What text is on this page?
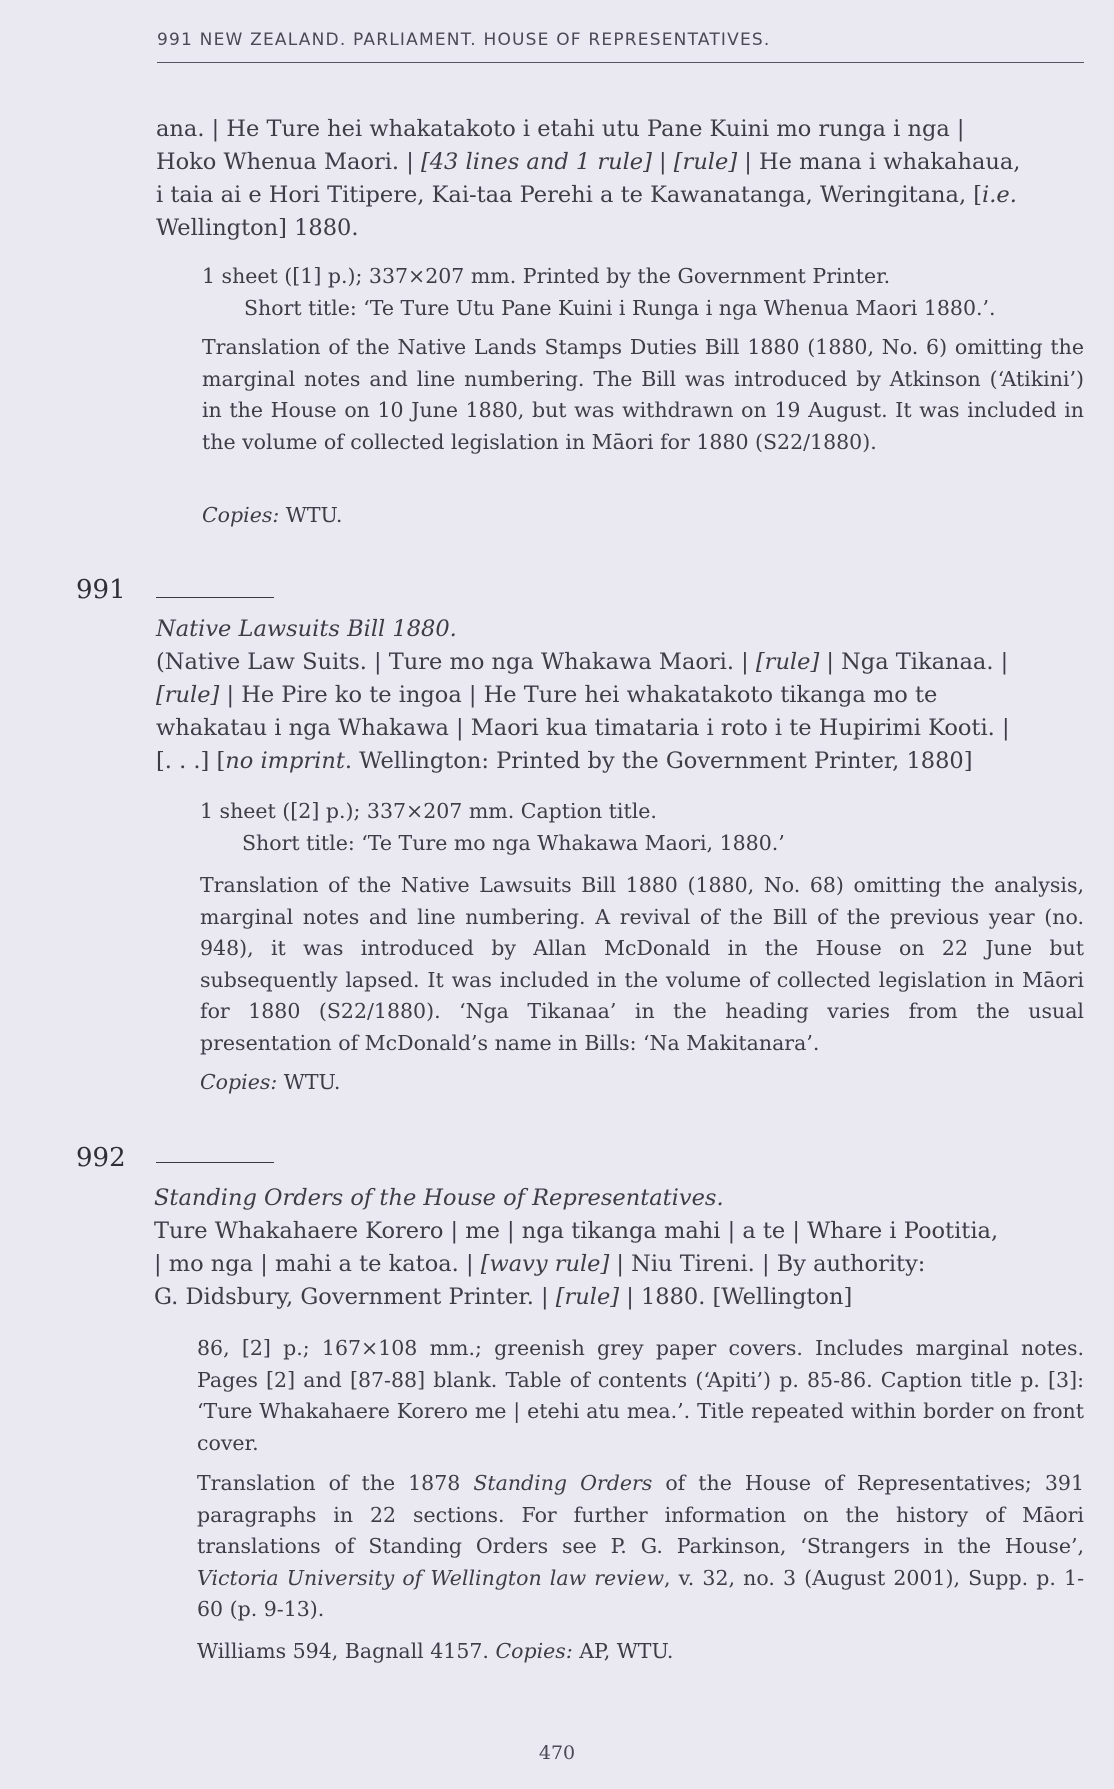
991 NEW ZEALAND. PARLIAMENT. HOUSE OF REPRESENTATIVES.

ana. | He Ture hei whakatakoto i etahi utu Pane Kuini mo runga i nga |

Hoko Whenua Maori. | [43 lines and 1 rule] | [rule] | He mana i whakahaua,

i taia ai e Hori Titipere, Kai-taa Perehi a te Kawanatanga, Weringitana, [i.e.

Wellington] 1880.

1 sheet ([1] p.); 337×207 mm. Printed by the Government Printer.

Short title: ‘Te Ture Utu Pane Kuini i Runga i nga Whenua Maori 1880.’.

Translation of the Native Lands Stamps Duties Bill 1880 (1880, No. 6) omitting the marginal notes and line numbering. The Bill was introduced by Atkinson (‘Atikini’) in the House on 10 June 1880, but was withdrawn on 19 August. It was included in the volume of collected legislation in Māori for 1880 (S22/1880).

Copies: WTU.

991

Native Lawsuits Bill 1880.

(Native Law Suits. | Ture mo nga Whakawa Maori. | [rule] | Nga Tikanaa. |

[rule] | He Pire ko te ingoa | He Ture hei whakatakoto tikanga mo te

whakatau i nga Whakawa | Maori kua timataria i roto i te Hupirimi Kooti. |

[. . .] [no imprint. Wellington: Printed by the Government Printer, 1880]

1 sheet ([2] p.); 337×207 mm. Caption title.

Short title: ‘Te Ture mo nga Whakawa Maori, 1880.’

Translation of the Native Lawsuits Bill 1880 (1880, No. 68) omitting the analysis, marginal notes and line numbering. A revival of the Bill of the previous year (no. 948), it was introduced by Allan McDonald in the House on 22 June but subsequently lapsed. It was included in the volume of collected legislation in Māori for 1880 (S22/1880). ‘Nga Tikanaa’ in the heading varies from the usual presentation of McDonald’s name in Bills: ‘Na Makitanara’.

Copies: WTU.

992

Standing Orders of the House of Representatives.

Ture Whakahaere Korero | me | nga tikanga mahi | a te | Whare i Pootitia,

| mo nga | mahi a te katoa. | [wavy rule] | Niu Tireni. | By authority:

G. Didsbury, Government Printer. | [rule] | 1880. [Wellington]

86, [2] p.; 167×108 mm.; greenish grey paper covers. Includes marginal notes. Pages [2] and [87-88] blank. Table of contents (‘Apiti’) p. 85-86. Caption title p. [3]: ‘Ture Whakahaere Korero me | etehi atu mea.’. Title repeated within border on front cover.

Translation of the 1878 Standing Orders of the House of Representatives; 391 paragraphs in 22 sections. For further information on the history of Māori translations of Standing Orders see P. G. Parkinson, ‘Strangers in the House’, Victoria University of Wellington law review, v. 32, no. 3 (August 2001), Supp. p. 1-60 (p. 9-13).

Williams 594, Bagnall 4157. Copies: AP, WTU.

470
